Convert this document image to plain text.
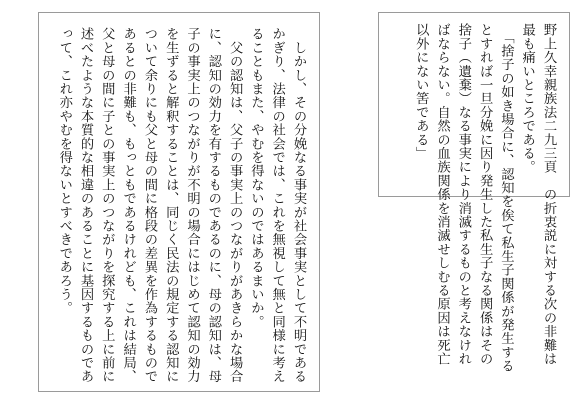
　しかし、その分娩なる事実が社会事実として不明である
かぎり、法律の社会では、これを無視して無と同様に考え
ることもまた、やむを得ないのではあるまいか。
　父の認知は、父子の事実上のつながりがあきらかな場合
に、認知の効力を有するものであるのに、母の認知は、母
子の事実上のつながりが不明の場合にはじめて認知の効力
を生ずると解釈することは、同じく民法の規定する認知に
ついて余りにも父と母の間に格段の差異を作為するもので
あるとの非難も、もっともであるけれども、これは結局、
父と母の間に子との事実上のつながりを探究する上に前に
述べたような本質的な相違のあることに基因するものであ
って、これ亦やむを得ないとすべきであろう。	野上久幸親族法二九三頁　の折衷説に対する次の非難は
最も痛いところである。
　「捨子の如き場合に、認知を俟て私生子関係が発生する
とすれば一旦分娩に因り発生した私生子なる関係はその
捨子（遺棄）なる事実により消滅するものと考えなけれ
ばならない。自然の血族関係を消滅せしむる原因は死亡
以外にない筈である」
